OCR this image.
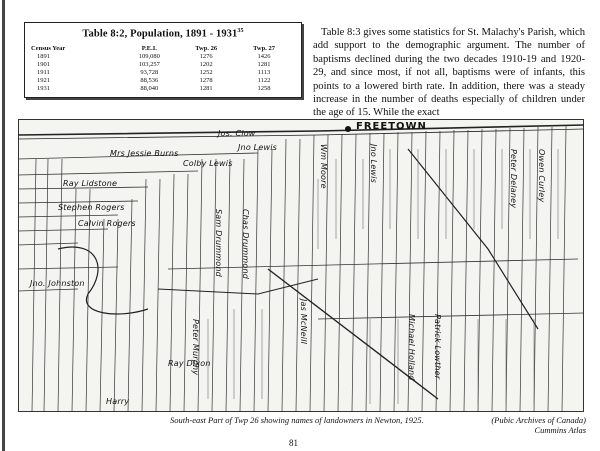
Table 8:2, Population, 1891 - 1931$^{35}$
Census Year	P.E.I.	Twp. 26	Twp. 27
1891	109,080	1276	1426
1901	103,257	1202	1281
1911	93,728	1252	1113
1921	88,536	1278	1122
1931	88,040	1281	1258

Table 8:3 gives some statistics for St. Malachy's Parish, which add support to the demographic argument. The number of baptisms declined during the two decades 1910-19 and 1920-29, and since most, if not all, baptisms were of infants, this points to a lowered birth rate. In addition, there was a steady increase in the number of deaths especially of children under the age of 15. While the exact

FREETOWN
Jos. Clow
Jno Lewis
Colby Lewis
Mrs Jessie Burns
Ray Lidstone
Stephen Rogers
Calvin Rogers
Jno. Johnston
Ray Dixon
Harry
Sam Drummond Chas Drummond
Peter Murphy	Michael Holland Patrick Lowther
Wm Moore	Jno Lewis
Jas McNeill
Peter Delaney Owen Curley
South-east Part of Twp 26 showing names of landowners in Newton, 1925.	(Pubic Archives of Canada)
Cummins Atlas
81
